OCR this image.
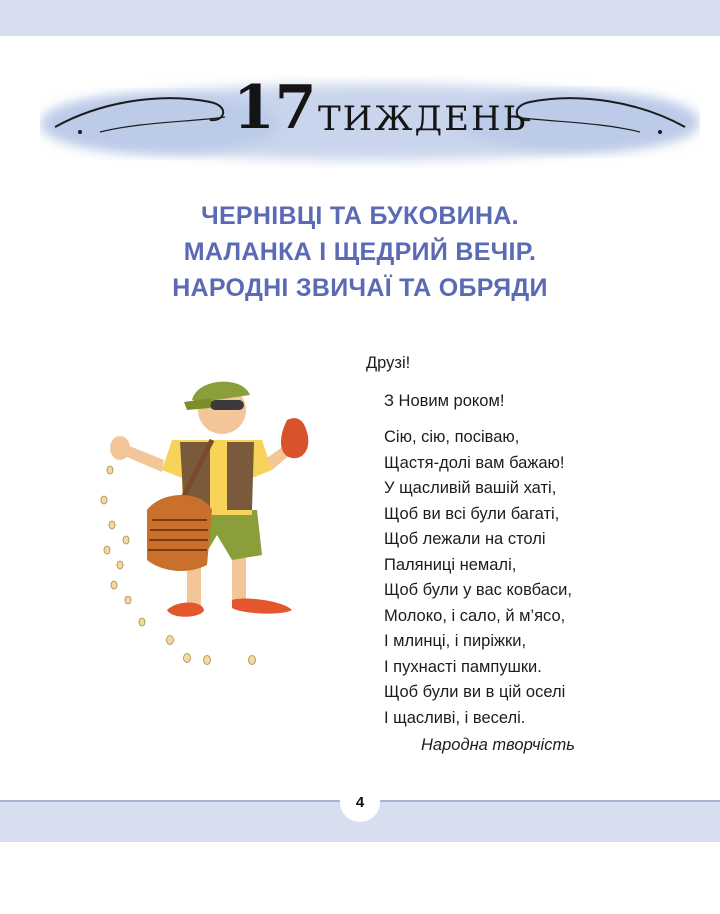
17 ТИЖДЕНЬ
ЧЕРНІВЦІ ТА БУКОВИНА.
МАЛАНКА І ЩЕДРИЙ ВЕЧІР.
НАРОДНІ ЗВИЧАЇ ТА ОБРЯДИ
Друзі!
З Новим роком!
Сію, сію, посіваю,
Щастя-долі вам бажаю!
У щасливій вашій хаті,
Щоб ви всі були багаті,
Щоб лежали на столі
Паляниці немалі,
Щоб були у вас ковбаси,
Молоко, і сало, й м’ясо,
І млинці, і пиріжки,
І пухнасті пампушки.
Щоб були ви в цій оселі
І щасливі, і веселі.
Народна творчість
4
